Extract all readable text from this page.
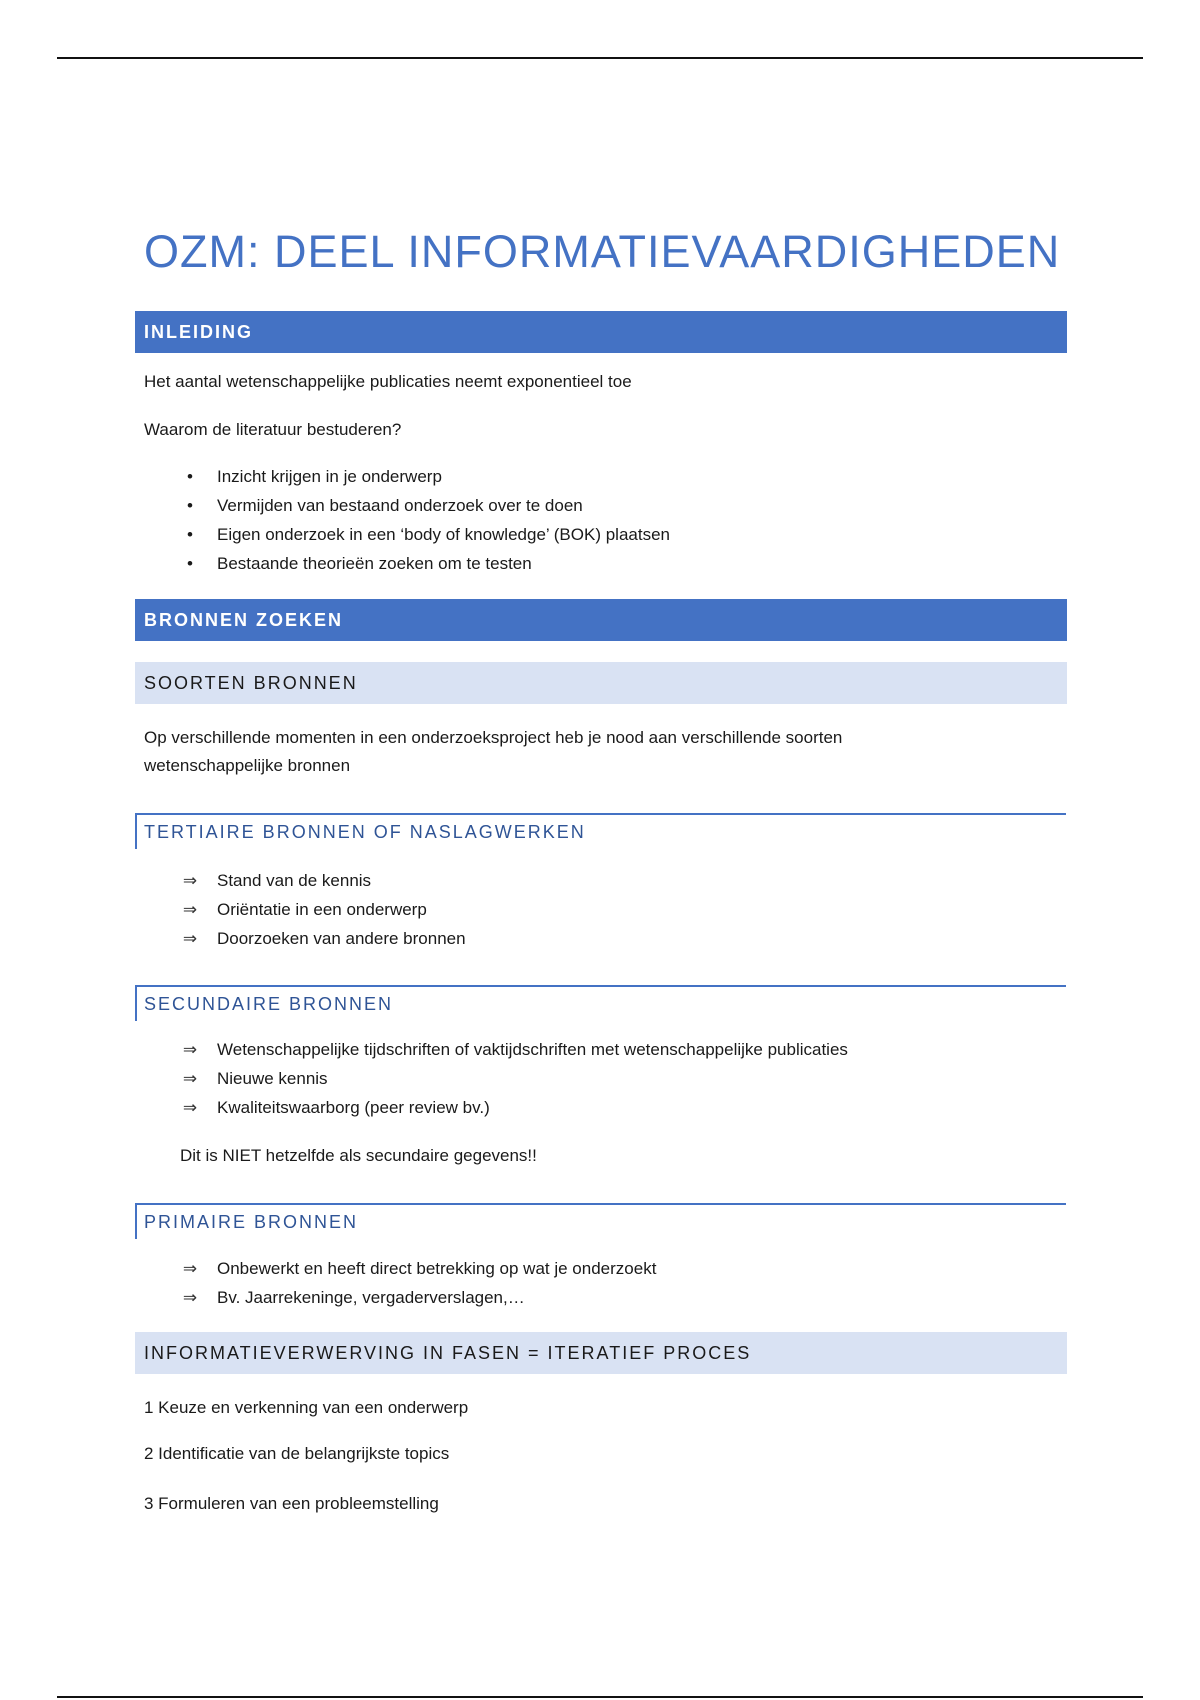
OZM: DEEL INFORMATIEVAARDIGHEDEN
INLEIDING

Het aantal wetenschappelijke publicaties neemt exponentieel toe

Waarom de literatuur bestuderen?

•	Inzicht krijgen in je onderwerp
•	Vermijden van bestaand onderzoek over te doen
•	Eigen onderzoek in een ‘body of knowledge’ (BOK) plaatsen
•	Bestaande theorieën zoeken om te testen
BRONNEN ZOEKEN
SOORTEN BRONNEN

Op verschillende momenten in een onderzoeksproject heb je nood aan verschillende soorten

wetenschappelijke bronnen

TERTIAIRE BRONNEN OF NASLAGWERKEN
⇒ Stand van de kennis
⇒ Oriëntatie in een onderwerp
⇒ Doorzoeken van andere bronnen
SECUNDAIRE BRONNEN
⇒ Wetenschappelijke tijdschriften of vaktijdschriften met wetenschappelijke publicaties
⇒ Nieuwe kennis
⇒ Kwaliteitswaarborg (peer review bv.)

Dit is NIET hetzelfde als secundaire gegevens!!

PRIMAIRE BRONNEN
⇒ Onbewerkt en heeft direct betrekking op wat je onderzoekt
⇒ Bv. Jaarrekeninge, vergaderverslagen,…
INFORMATIEVERWERVING IN FASEN = ITERATIEF PROCES

1 Keuze en verkenning van een onderwerp

2 Identificatie van de belangrijkste topics

3 Formuleren van een probleemstelling
